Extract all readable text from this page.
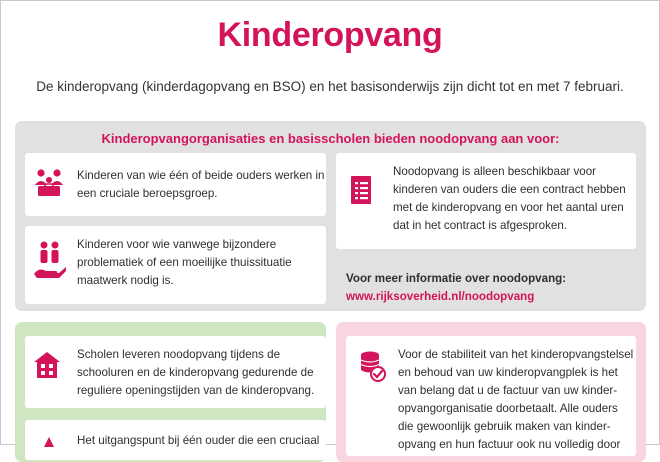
Kinderopvang
De kinderopvang (kinderdagopvang en BSO) en het basisonderwijs zijn dicht tot en met 7 februari.
Kinderopvangorganisaties en basisscholen bieden noodopvang aan voor:
Kinderen van wie één of beide ouders werken in
een cruciale beroepsgroep.
Kinderen voor wie vanwege bijzondere
problematiek of een moeilijke thuissituatie
maatwerk nodig is.
Noodopvang is alleen beschikbaar voor
kinderen van ouders die een contract hebben
met de kinderopvang en voor het aantal uren
dat in het contract is afgesproken.
Voor meer informatie over noodopvang:
www.rijksoverheid.nl/noodopvang
Scholen leveren noodopvang tijdens de
schooluren en de kinderopvang gedurende de
reguliere openingstijden van de kinderopvang.
Het uitgangspunt bij één ouder die een cruciaal
Voor de stabiliteit van het kinderopvangstelsel
en behoud van uw kinderopvangplek is het
van belang dat u de factuur van uw kinder-
opvangorganisatie doorbetaalt. Alle ouders
die gewoonlijk gebruik maken van kinder-
opvang en hun factuur ook nu volledig door
